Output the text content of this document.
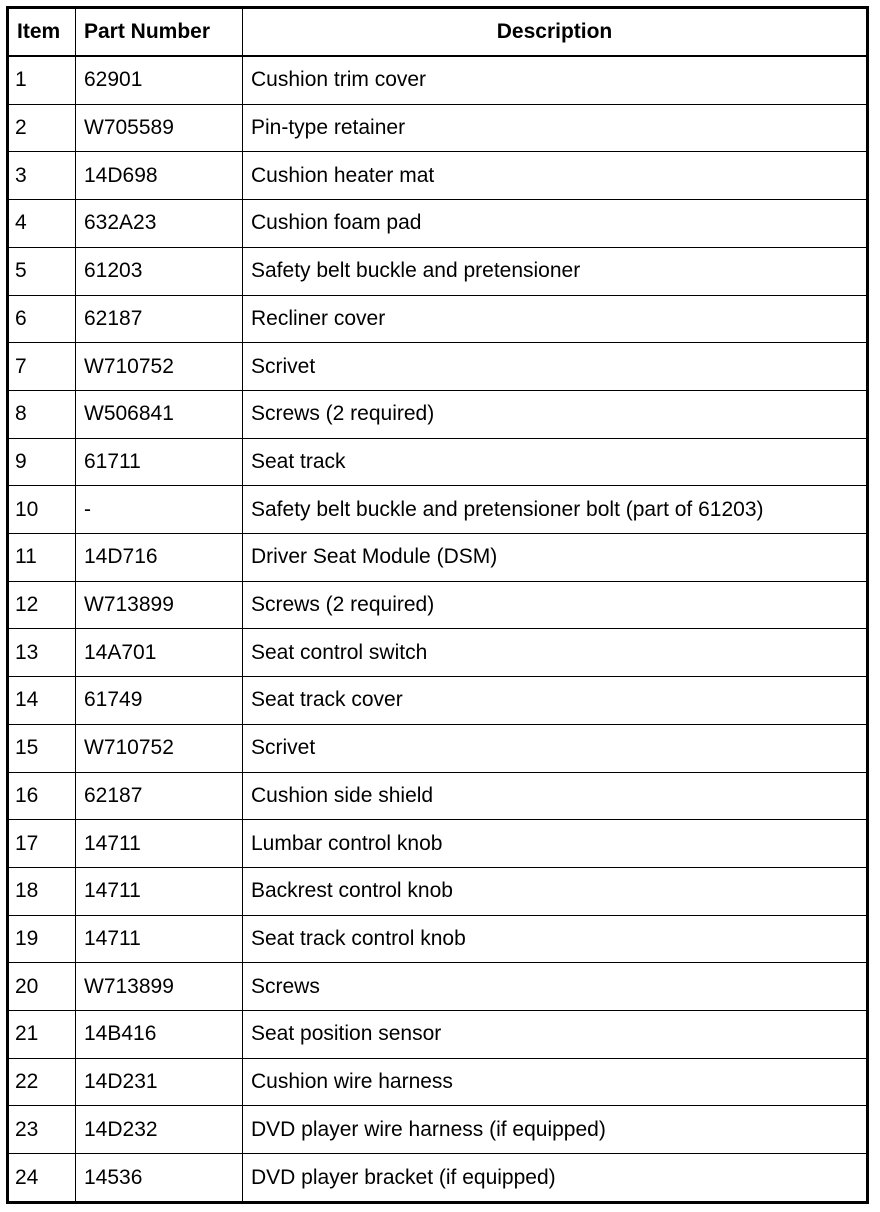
Item	Part Number	Description
1	62901	Cushion trim cover
2	W705589	Pin-type retainer
3	14D698	Cushion heater mat
4	632A23	Cushion foam pad
5	61203	Safety belt buckle and pretensioner
6	62187	Recliner cover
7	W710752	Scrivet
8	W506841	Screws (2 required)
9	61711	Seat track
10	-	Safety belt buckle and pretensioner bolt (part of 61203)
11	14D716	Driver Seat Module (DSM)
12	W713899	Screws (2 required)
13	14A701	Seat control switch
14	61749	Seat track cover
15	W710752	Scrivet
16	62187	Cushion side shield
17	14711	Lumbar control knob
18	14711	Backrest control knob
19	14711	Seat track control knob
20	W713899	Screws
21	14B416	Seat position sensor
22	14D231	Cushion wire harness
23	14D232	DVD player wire harness (if equipped)
24	14536	DVD player bracket (if equipped)
